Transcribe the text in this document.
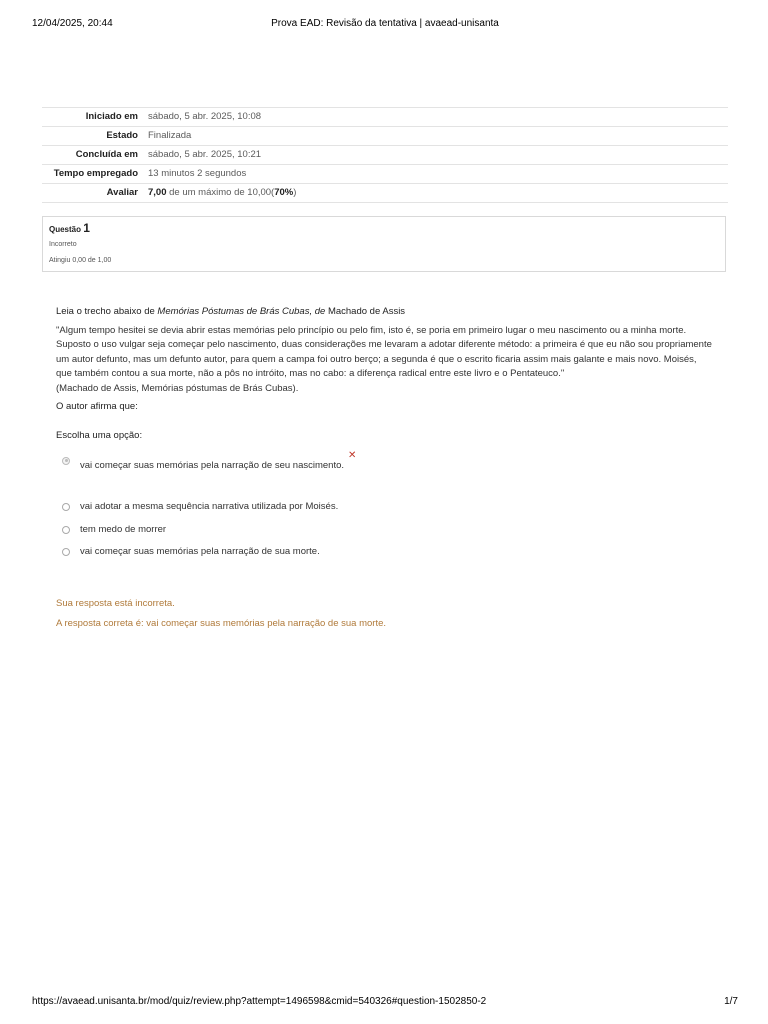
12/04/2025, 20:44	Prova EAD: Revisão da tentativa | avaead-unisanta
Iniciado em	sábado, 5 abr. 2025, 10:08
Estado	Finalizada
Concluída em	sábado, 5 abr. 2025, 10:21
Tempo empregado	13 minutos 2 segundos
Avaliar	7,00 de um máximo de 10,00(70%)
Questão 1
Incorreto
Atingiu 0,00 de 1,00

Leia o trecho abaixo de Memórias Póstumas de Brás Cubas, de Machado de Assis

"Algum tempo hesitei se devia abrir estas memórias pelo princípio ou pelo fim, isto é, se poria em primeiro lugar o meu nascimento ou a minha morte. Suposto o uso vulgar seja começar pelo nascimento, duas considerações me levaram a adotar diferente método: a primeira é que eu não sou propriamente um autor defunto, mas um defunto autor, para quem a campa foi outro berço; a segunda é que o escrito ficaria assim mais galante e mais novo. Moisés, que também contou a sua morte, não a pôs no intróito, mas no cabo: a diferença radical entre este livro e o Pentateuco."
(Machado de Assis, Memórias póstumas de Brás Cubas).

O autor afirma que:

Escolha uma opção:
vai começar suas memórias pela narração de seu nascimento.
✕
vai adotar a mesma sequência narrativa utilizada por Moisés.
tem medo de morrer
vai começar suas memórias pela narração de sua morte.
Sua resposta está incorreta.
A resposta correta é: vai começar suas memórias pela narração de sua morte.
https://avaead.unisanta.br/mod/quiz/review.php?attempt=1496598&cmid=540326#question-1502850-2	1/7
